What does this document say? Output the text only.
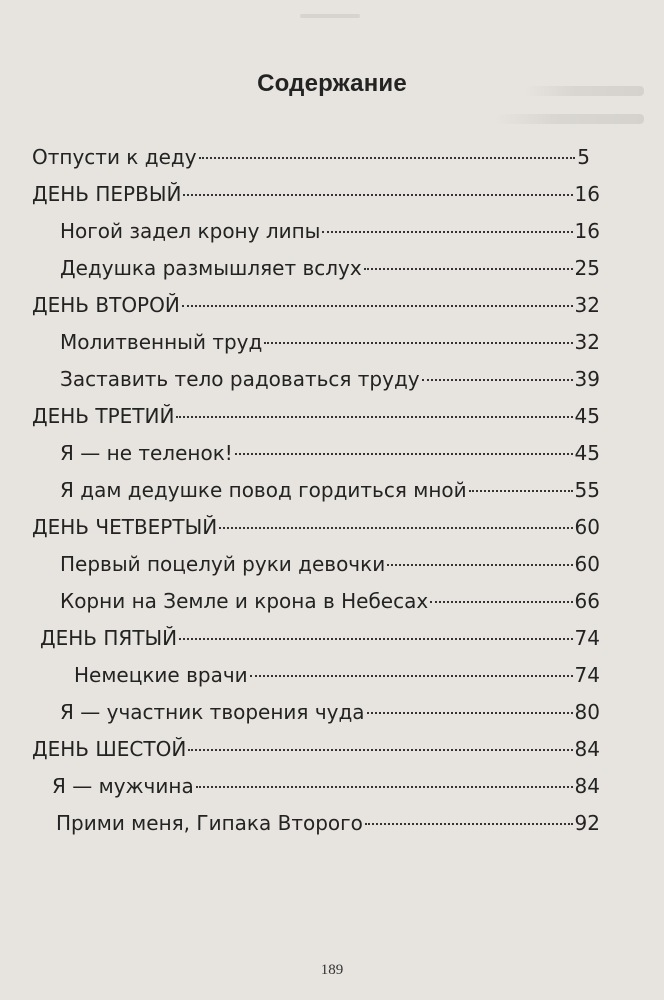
Содержание
Отпусти к деду	5
ДЕНЬ ПЕРВЫЙ	16
Ногой задел крону липы	16
Дедушка размышляет вслух	25
ДЕНЬ ВТОРОЙ	32
Молитвенный труд	32
Заставить тело радоваться труду	39
ДЕНЬ ТРЕТИЙ	45
Я — не теленок!	45
Я дам дедушке повод гордиться мной	55
ДЕНЬ ЧЕТВЕРТЫЙ	60
Первый поцелуй руки девочки	60
Корни на Земле и крона в Небесах	66
ДЕНЬ ПЯТЫЙ	74
Немецкие врачи	74
Я — участник творения чуда	80
ДЕНЬ ШЕСТОЙ	84
Я — мужчина	84
Прими меня, Гипака Второго	92
189
